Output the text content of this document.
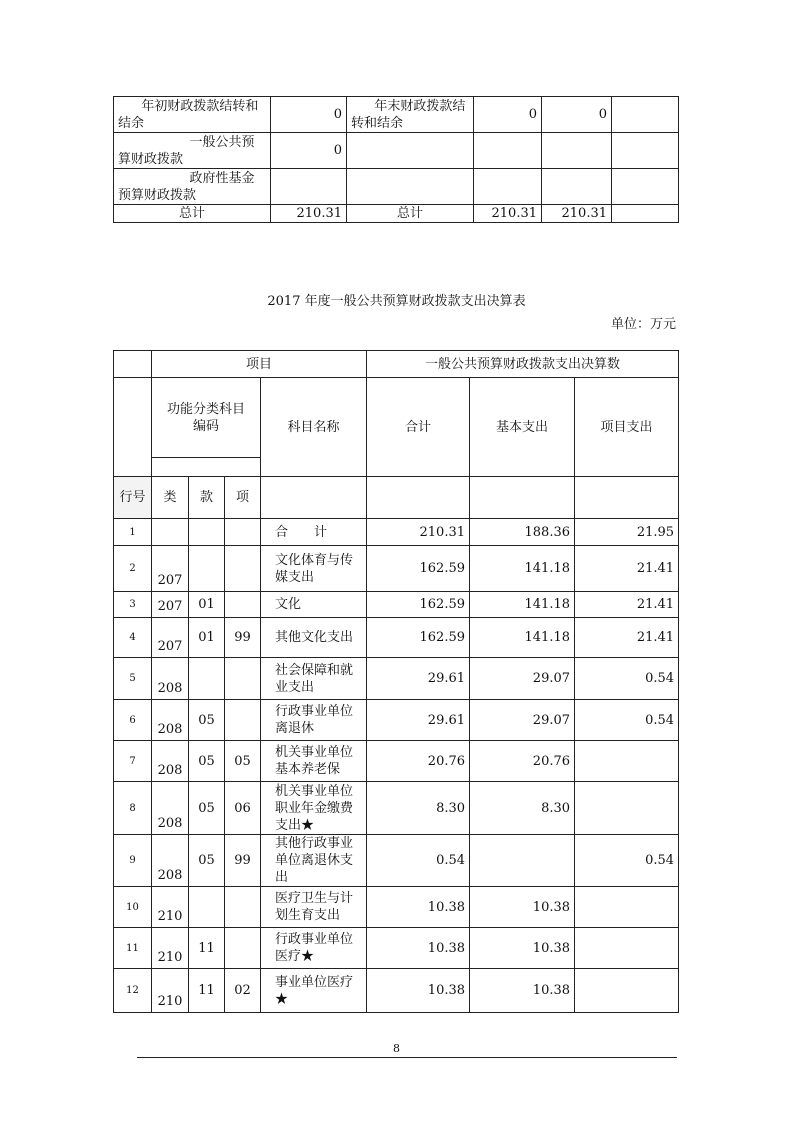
年初财政拨款结转和结余	0	年末财政拨款结转和结余	0	0	
一般公共预算财政拨款	0				
政府性基金预算财政拨款					
总计	210.31	总计	210.31	210.31	
2017 年度一般公共预算财政拨款支出决算表
单位：万元
	项目				一般公共预算财政拨款支出决算数		
	功能分类科目编码			科目名称	合计	基本支出	项目支出

行号	类	款	项				
1				合　　计	210.31	188.36	21.95
2	207			文化体育与传媒支出	162.59	141.18	21.41
3	207	01		文化	162.59	141.18	21.41
4	207	01	99	其他文化支出	162.59	141.18	21.41
5	208			社会保障和就业支出	29.61	29.07	0.54
6	208	05		行政事业单位离退休	29.61	29.07	0.54
7	208	05	05	机关事业单位基本养老保	20.76	20.76	
8	208	05	06	机关事业单位职业年金缴费支出★	8.30	8.30	
9	208	05	99	其他行政事业单位离退休支出	0.54		0.54
10	210			医疗卫生与计划生育支出	10.38	10.38	
11	210	11		行政事业单位医疗★	10.38	10.38	
12	210	11	02	事业单位医疗★	10.38	10.38	
8
